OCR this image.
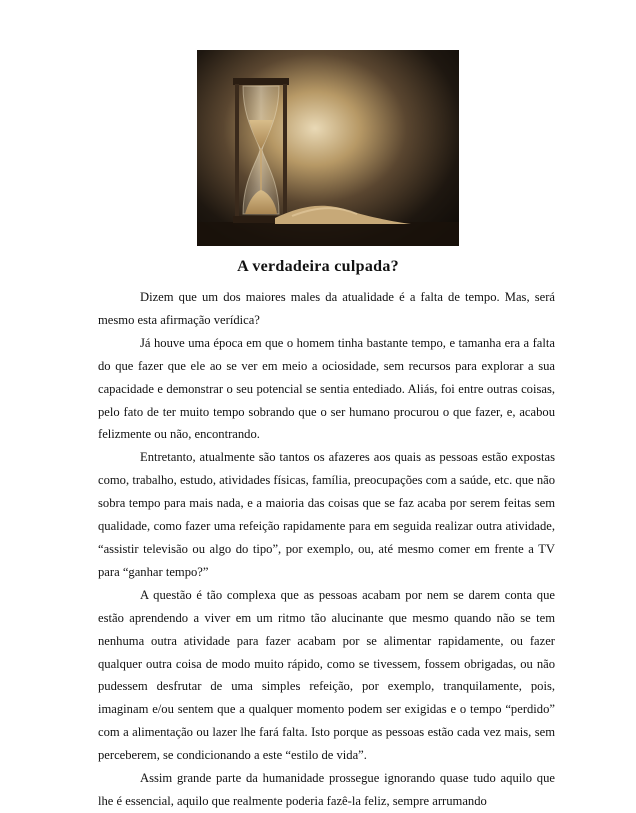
A verdadeira culpada?

Dizem que um dos maiores males da atualidade é a falta de tempo. Mas, será mesmo esta afirmação verídica?

Já houve uma época em que o homem tinha bastante tempo, e tamanha era a falta do que fazer que ele ao se ver em meio a ociosidade, sem recursos para explorar a sua capacidade e demonstrar o seu potencial se sentia entediado. Aliás, foi entre outras coisas, pelo fato de ter muito tempo sobrando que o ser humano procurou o que fazer, e, acabou felizmente ou não, encontrando.

Entretanto, atualmente são tantos os afazeres aos quais as pessoas estão expostas como, trabalho, estudo, atividades físicas, família, preocupações com a saúde, etc. que não sobra tempo para mais nada, e a maioria das coisas que se faz acaba por serem feitas sem qualidade, como fazer uma refeição rapidamente para em seguida realizar outra atividade, “assistir televisão ou algo do tipo”, por exemplo, ou, até mesmo comer em frente a TV para “ganhar tempo?”

A questão é tão complexa que as pessoas acabam por nem se darem conta que estão aprendendo a viver em um ritmo tão alucinante que mesmo quando não se tem nenhuma outra atividade para fazer acabam por se alimentar rapidamente, ou fazer qualquer outra coisa de modo muito rápido, como se tivessem, fossem obrigadas, ou não pudessem desfrutar de uma simples refeição, por exemplo, tranquilamente, pois, imaginam e/ou sentem que a qualquer momento podem ser exigidas e o tempo “perdido” com a alimentação ou lazer lhe fará falta. Isto porque as pessoas estão cada vez mais, sem perceberem, se condicionando a este “estilo de vida”.

Assim grande parte da humanidade prossegue ignorando quase tudo aquilo que lhe é essencial, aquilo que realmente poderia fazê-la feliz, sempre arrumando
